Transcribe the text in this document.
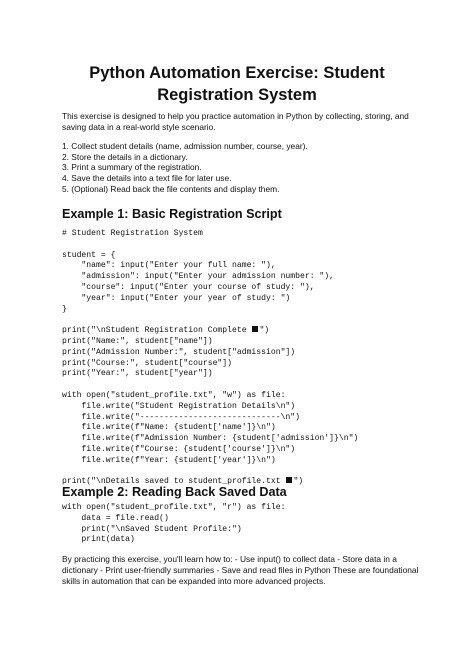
Python Automation Exercise: Student Registration System

This exercise is designed to help you practice automation in Python by collecting, storing, and saving data in a real-world style scenario.

1. Collect student details (name, admission number, course, year).
2. Store the details in a dictionary.
3. Print a summary of the registration.
4. Save the details into a text file for later use.
5. (Optional) Read back the file contents and display them.
Example 1: Basic Registration Script
# Student Registration System

student = {
"name": input("Enter your full name: "),
"admission": input("Enter your admission number: "),
"course": input("Enter your course of study: "),
"year": input("Enter your year of study: ")
}

print("\nStudent Registration Complete ")
print("Name:", student["name"])
print("Admission Number:", student["admission"])
print("Course:", student["course"])
print("Year:", student["year"])

with open("student_profile.txt", "w") as file:
file.write("Student Registration Details\n")
file.write("-----------------------------\n")
file.write(f"Name: {student['name']}\n")
file.write(f"Admission Number: {student['admission']}\n")
file.write(f"Course: {student['course']}\n")
file.write(f"Year: {student['year']}\n")

print("\nDetails saved to student_profile.txt ")
Example 2: Reading Back Saved Data
with open("student_profile.txt", "r") as file:
data = file.read()
print("\nSaved Student Profile:")
print(data)

By practicing this exercise, you'll learn how to: - Use input() to collect data - Store data in a dictionary - Print user-friendly summaries - Save and read files in Python These are foundational skills in automation that can be expanded into more advanced projects.
